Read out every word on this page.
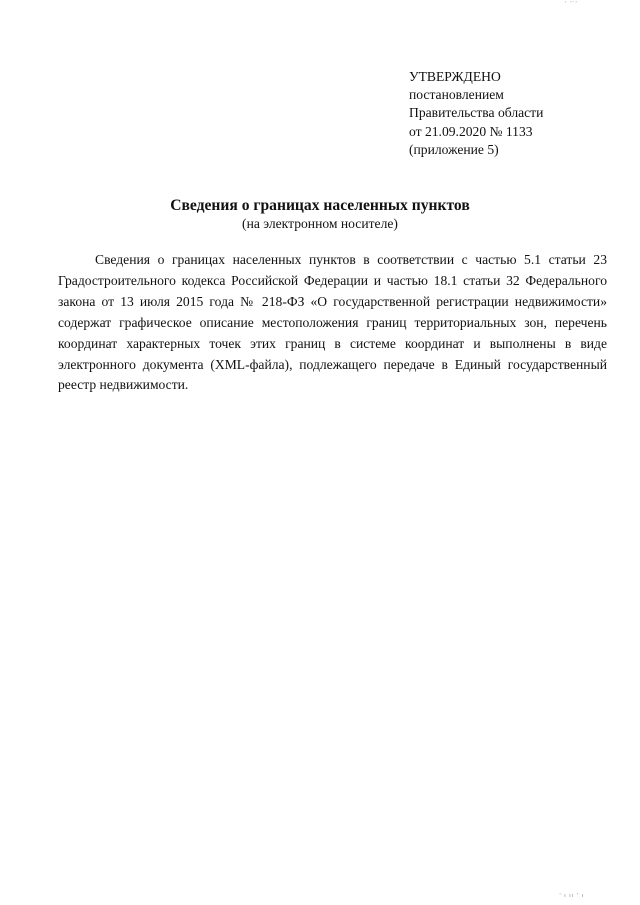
‚ ,.,
УТВЕРЖДЕНО
постановлением
Правительства области
от 21.09.2020 № 1133
(приложение 5)
Сведения о границах населенных пунктов
(на электронном носителе)

Сведения о границах населенных пунктов в соответствии с частью 5.1 статьи 23 Градостроительного кодекса Российской Федерации и частью 18.1 статьи 32 Федерального закона от 13 июля 2015 года № 218-ФЗ «О государственной регистрации недвижимости» содержат графическое описание местоположения границ территориальных зон, перечень координат характерных точек этих границ в системе координат и выполнены в виде электронного документа (XML-файла), подлежащего передаче в Единый государственный реестр недвижимости.

' ı ıı ' ı
